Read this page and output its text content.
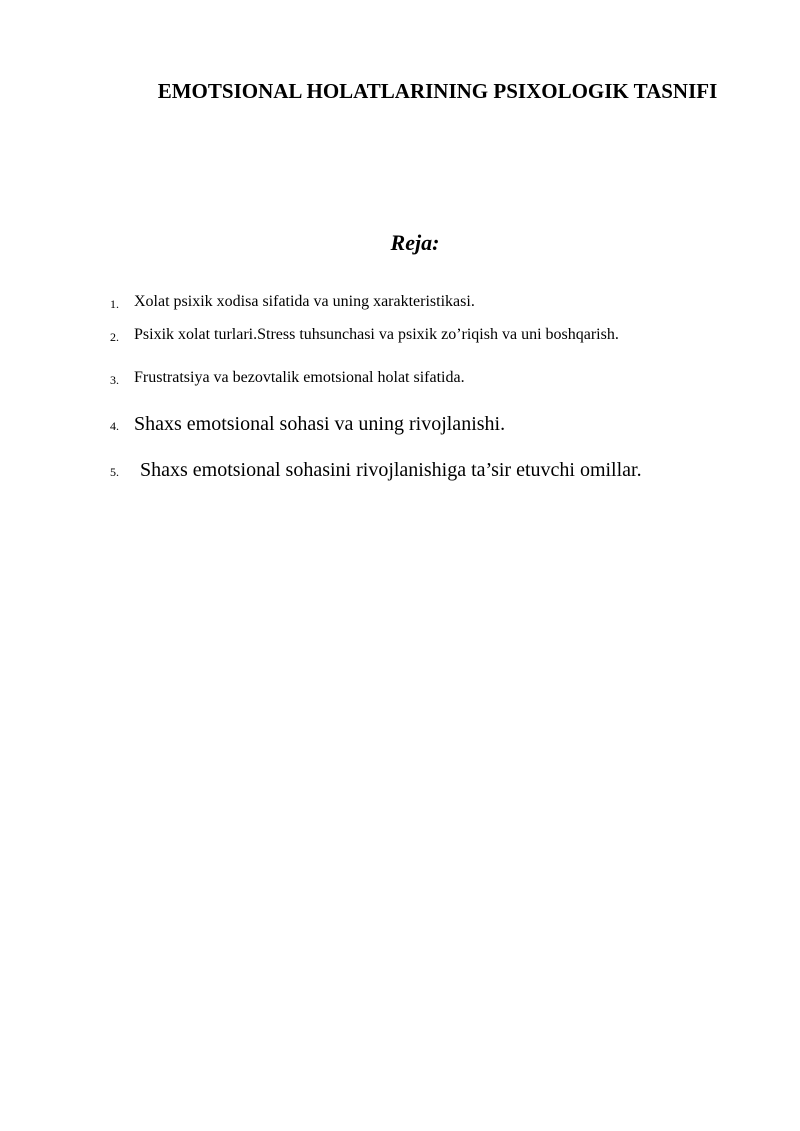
EMOTSIONAL HOLATLARINING PSIXOLOGIK TASNIFI
Reja:
1. Xolat psixik xodisa sifatida va uning xarakteristikasi.
2. Psixik xolat turlari.Stress tuhsunchasi va psixik zo’riqish va uni boshqarish.
3. Frustratsiya va bezovtalik emotsional holat sifatida.
4. Shaxs emotsional sohasi va uning rivojlanishi.
5. Shaxs emotsional sohasini rivojlanishiga ta’sir etuvchi omillar.
